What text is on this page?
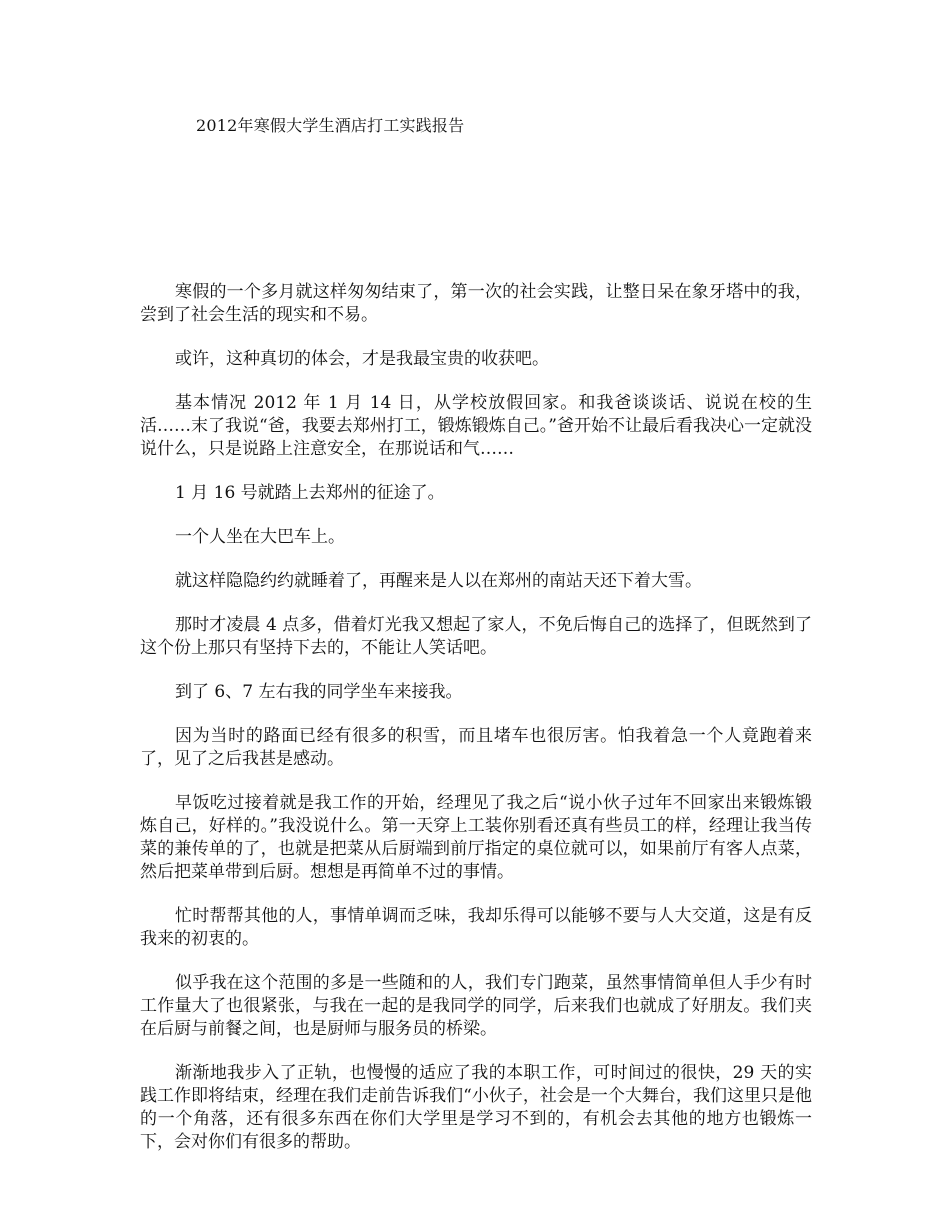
2012年寒假大学生酒店打工实践报告

寒假的一个多月就这样匆匆结束了，第一次的社会实践，让整日呆在象牙塔中的我，尝到了社会生活的现实和不易。

或许，这种真切的体会，才是我最宝贵的收获吧。

基本情况 2012 年 1 月 14 日，从学校放假回家。和我爸谈谈话、说说在校的生活……末了我说“爸，我要去郑州打工，锻炼锻炼自己。”爸开始不让最后看我决心一定就没说什么，只是说路上注意安全，在那说话和气……

1 月 16 号就踏上去郑州的征途了。

一个人坐在大巴车上。

就这样隐隐约约就睡着了，再醒来是人以在郑州的南站天还下着大雪。

那时才凌晨 4 点多，借着灯光我又想起了家人，不免后悔自己的选择了，但既然到了这个份上那只有坚持下去的，不能让人笑话吧。

到了 6、7 左右我的同学坐车来接我。

因为当时的路面已经有很多的积雪，而且堵车也很厉害。怕我着急一个人竟跑着来了，见了之后我甚是感动。

早饭吃过接着就是我工作的开始，经理见了我之后“说小伙子过年不回家出来锻炼锻炼自己，好样的。”我没说什么。第一天穿上工装你别看还真有些员工的样，经理让我当传菜的兼传单的了，也就是把菜从后厨端到前厅指定的桌位就可以，如果前厅有客人点菜，然后把菜单带到后厨。想想是再简单不过的事情。

忙时帮帮其他的人，事情单调而乏味，我却乐得可以能够不要与人大交道，这是有反我来的初衷的。

似乎我在这个范围的多是一些随和的人，我们专门跑菜，虽然事情简单但人手少有时工作量大了也很紧张，与我在一起的是我同学的同学，后来我们也就成了好朋友。我们夹在后厨与前餐之间，也是厨师与服务员的桥梁。

渐渐地我步入了正轨，也慢慢的适应了我的本职工作，可时间过的很快，29 天的实践工作即将结束，经理在我们走前告诉我们“小伙子，社会是一个大舞台，我们这里只是他的一个角落，还有很多东西在你们大学里是学习不到的，有机会去其他的地方也锻炼一下，会对你们有很多的帮助。
